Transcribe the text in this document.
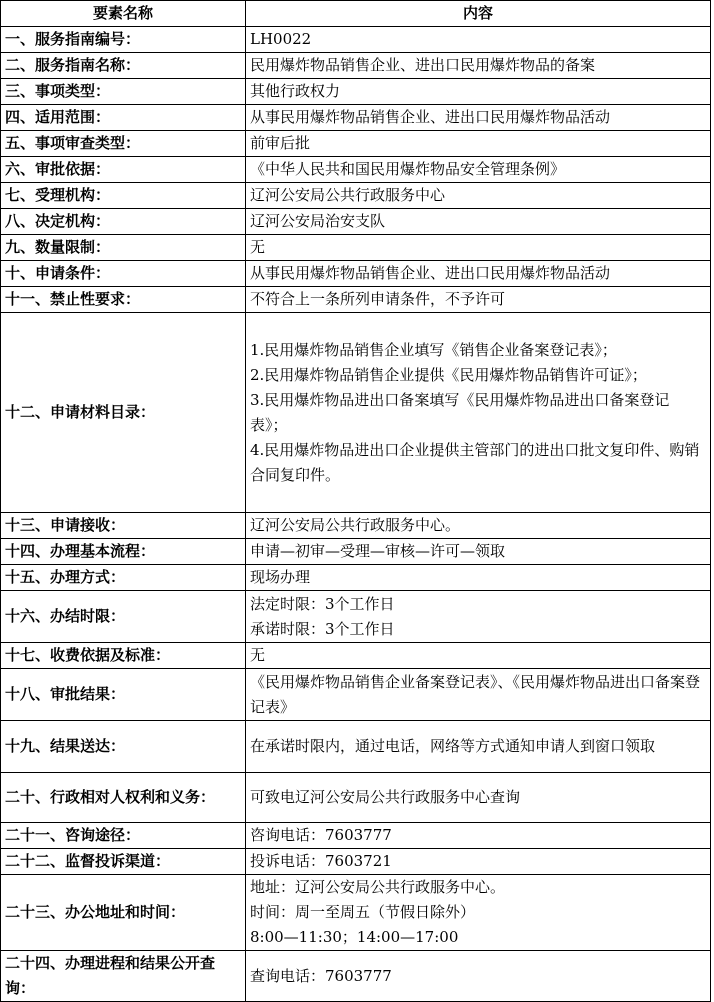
要素名称	内容
一、服务指南编号：	LH0022
二、服务指南名称：	民用爆炸物品销售企业、进出口民用爆炸物品的备案
三、事项类型：	其他行政权力
四、适用范围：	从事民用爆炸物品销售企业、进出口民用爆炸物品活动
五、事项审查类型：	前审后批
六、审批依据：	《中华人民共和国民用爆炸物品安全管理条例》
七、受理机构：	辽河公安局公共行政服务中心
八、决定机构：	辽河公安局治安支队
九、数量限制：	无
十、申请条件：	从事民用爆炸物品销售企业、进出口民用爆炸物品活动
十一、禁止性要求：	不符合上一条所列申请条件，不予许可
十二、申请材料目录：	1.民用爆炸物品销售企业填写《销售企业备案登记表》；
2.民用爆炸物品销售企业提供《民用爆炸物品销售许可证》；
3.民用爆炸物品进出口备案填写《民用爆炸物品进出口备案登记表》；
4.民用爆炸物品进出口企业提供主管部门的进出口批文复印件、购销合同复印件。

十三、申请接收：	辽河公安局公共行政服务中心。
十四、办理基本流程：	申请—初审—受理—审核—许可—领取
十五、办理方式：	现场办理
十六、办结时限：	法定时限：3个工作日
承诺时限：3个工作日

十七、收费依据及标准：	无
十八、审批结果：	《民用爆炸物品销售企业备案登记表》、《民用爆炸物品进出口备案登记表》
十九、结果送达：	在承诺时限内，通过电话，网络等方式通知申请人到窗口领取
二十、行政相对人权利和义务：	可致电辽河公安局公共行政服务中心查询
二十一、咨询途径：	咨询电话：7603777
二十二、监督投诉渠道：	投诉电话：7603721
二十三、办公地址和时间：	地址：辽河公安局公共行政服务中心。
时间：周一至周五（节假日除外）
8:00—11:30；14:00—17:00

二十四、办理进程和结果公开查询：	查询电话：7603777
